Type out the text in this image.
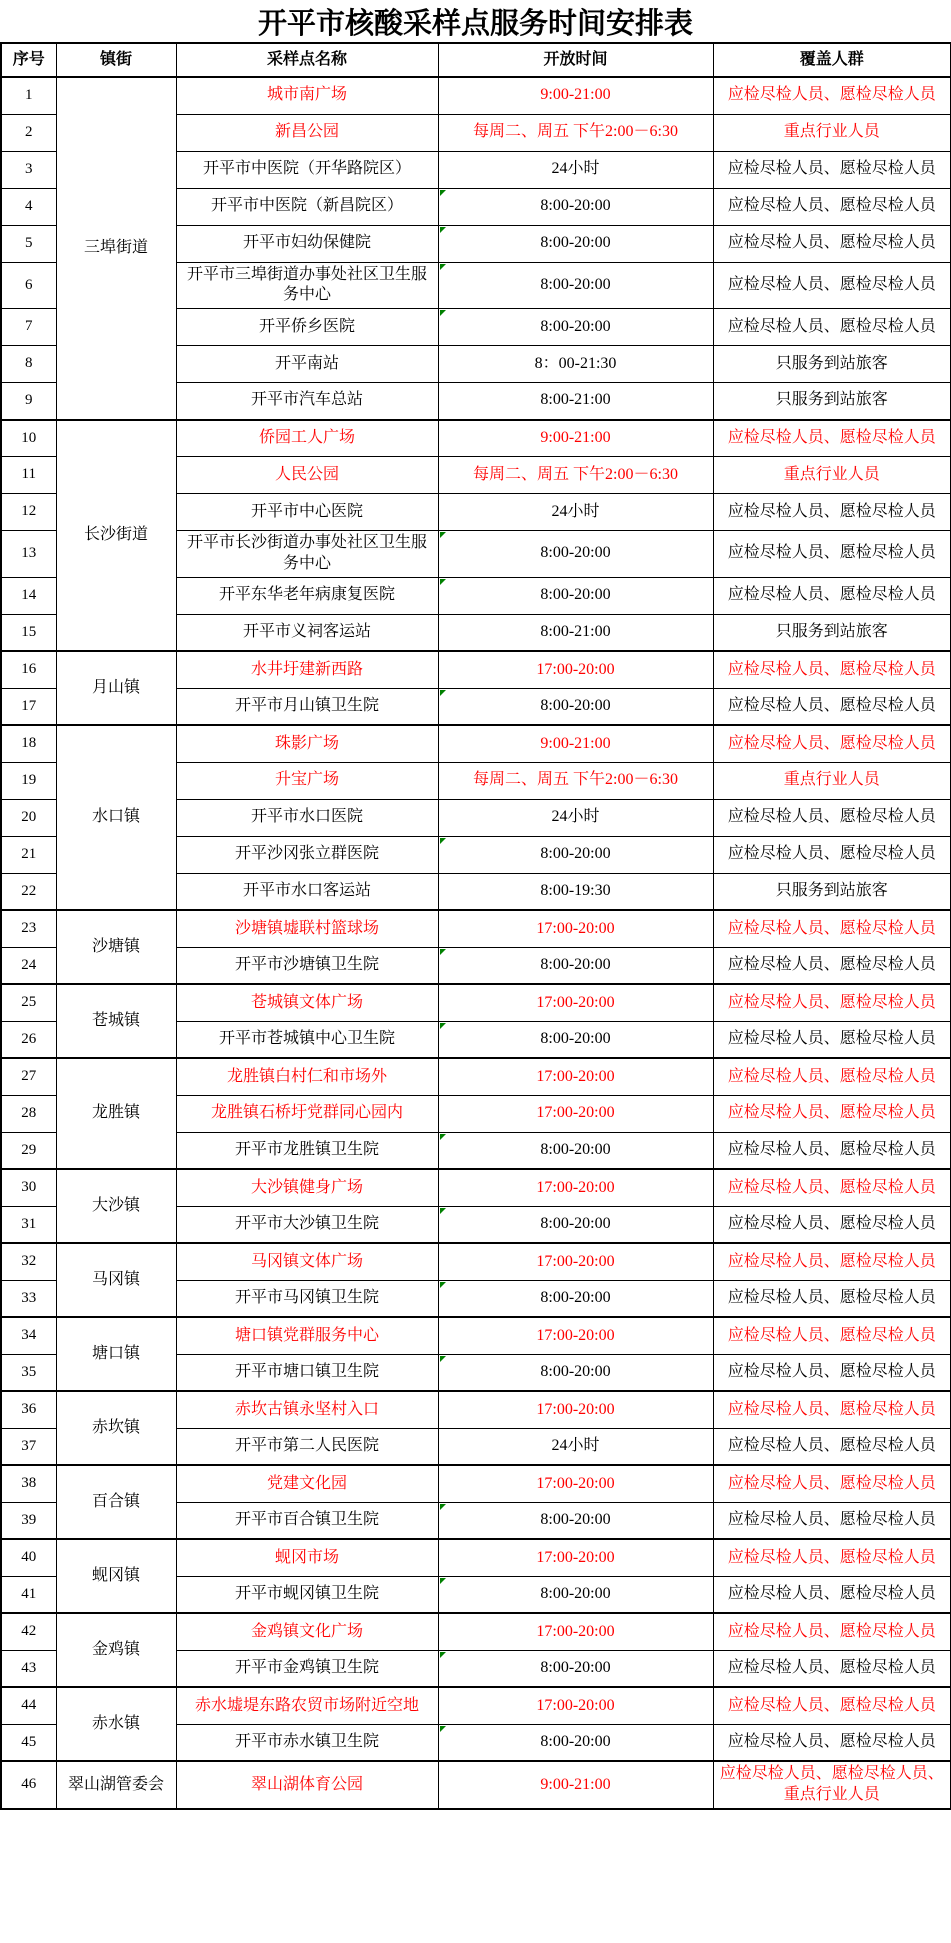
开平市核酸采样点服务时间安排表
序号	镇街	采样点名称	开放时间	覆盖人群
1	三埠街道	城市南广场	9:00-21:00	应检尽检人员、愿检尽检人员
2		新昌公园	每周二、周五 下午2:00－6:30	重点行业人员
3		开平市中医院（开华路院区）	24小时	应检尽检人员、愿检尽检人员
4		开平市中医院（新昌院区）	8:00-20:00	应检尽检人员、愿检尽检人员
5		开平市妇幼保健院	8:00-20:00	应检尽检人员、愿检尽检人员
6		开平市三埠街道办事处社区卫生服务中心	8:00-20:00	应检尽检人员、愿检尽检人员
7		开平侨乡医院	8:00-20:00	应检尽检人员、愿检尽检人员
8		开平南站	8：00-21:30	只服务到站旅客
9		开平市汽车总站	8:00-21:00	只服务到站旅客
10	长沙街道	侨园工人广场	9:00-21:00	应检尽检人员、愿检尽检人员
11		人民公园	每周二、周五 下午2:00－6:30	重点行业人员
12		开平市中心医院	24小时	应检尽检人员、愿检尽检人员
13		开平市长沙街道办事处社区卫生服务中心	8:00-20:00	应检尽检人员、愿检尽检人员
14		开平东华老年病康复医院	8:00-20:00	应检尽检人员、愿检尽检人员
15		开平市义祠客运站	8:00-21:00	只服务到站旅客
16	月山镇	水井圩建新西路	17:00-20:00	应检尽检人员、愿检尽检人员
17		开平市月山镇卫生院	8:00-20:00	应检尽检人员、愿检尽检人员
18	水口镇	珠影广场	9:00-21:00	应检尽检人员、愿检尽检人员
19		升宝广场	每周二、周五 下午2:00－6:30	重点行业人员
20		开平市水口医院	24小时	应检尽检人员、愿检尽检人员
21		开平沙冈张立群医院	8:00-20:00	应检尽检人员、愿检尽检人员
22		开平市水口客运站	8:00-19:30	只服务到站旅客
23	沙塘镇	沙塘镇墟联村篮球场	17:00-20:00	应检尽检人员、愿检尽检人员
24		开平市沙塘镇卫生院	8:00-20:00	应检尽检人员、愿检尽检人员
25	苍城镇	苍城镇文体广场	17:00-20:00	应检尽检人员、愿检尽检人员
26		开平市苍城镇中心卫生院	8:00-20:00	应检尽检人员、愿检尽检人员
27	龙胜镇	龙胜镇白村仁和市场外	17:00-20:00	应检尽检人员、愿检尽检人员
28		龙胜镇石桥圩党群同心园内	17:00-20:00	应检尽检人员、愿检尽检人员
29		开平市龙胜镇卫生院	8:00-20:00	应检尽检人员、愿检尽检人员
30	大沙镇	大沙镇健身广场	17:00-20:00	应检尽检人员、愿检尽检人员
31		开平市大沙镇卫生院	8:00-20:00	应检尽检人员、愿检尽检人员
32	马冈镇	马冈镇文体广场	17:00-20:00	应检尽检人员、愿检尽检人员
33		开平市马冈镇卫生院	8:00-20:00	应检尽检人员、愿检尽检人员
34	塘口镇	塘口镇党群服务中心	17:00-20:00	应检尽检人员、愿检尽检人员
35		开平市塘口镇卫生院	8:00-20:00	应检尽检人员、愿检尽检人员
36	赤坎镇	赤坎古镇永坚村入口	17:00-20:00	应检尽检人员、愿检尽检人员
37		开平市第二人民医院	24小时	应检尽检人员、愿检尽检人员
38	百合镇	党建文化园	17:00-20:00	应检尽检人员、愿检尽检人员
39		开平市百合镇卫生院	8:00-20:00	应检尽检人员、愿检尽检人员
40	蚬冈镇	蚬冈市场	17:00-20:00	应检尽检人员、愿检尽检人员
41		开平市蚬冈镇卫生院	8:00-20:00	应检尽检人员、愿检尽检人员
42	金鸡镇	金鸡镇文化广场	17:00-20:00	应检尽检人员、愿检尽检人员
43		开平市金鸡镇卫生院	8:00-20:00	应检尽检人员、愿检尽检人员
44	赤水镇	赤水墟堤东路农贸市场附近空地	17:00-20:00	应检尽检人员、愿检尽检人员
45		开平市赤水镇卫生院	8:00-20:00	应检尽检人员、愿检尽检人员
46	翠山湖管委会	翠山湖体育公园	9:00-21:00	应检尽检人员、愿检尽检人员、重点行业人员
